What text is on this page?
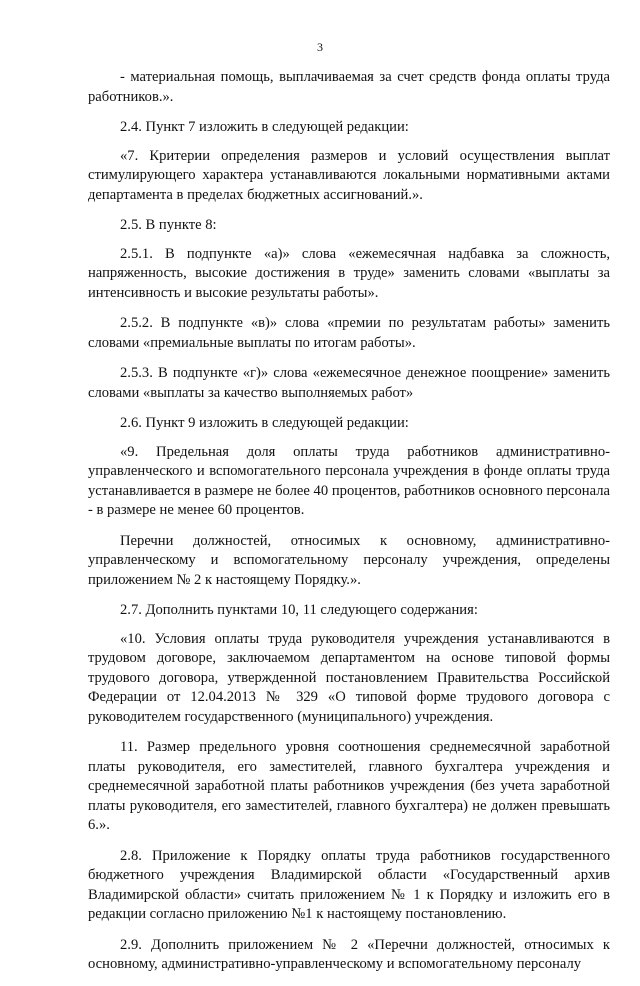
3

- материальная помощь, выплачиваемая за счет средств фонда оплаты труда работников.».

2.4. Пункт 7 изложить в следующей редакции:

«7. Критерии определения размеров и условий осуществления выплат стимулирующего характера устанавливаются локальными нормативными актами департамента в пределах бюджетных ассигнований.».

2.5. В пункте 8:

2.5.1. В подпункте «а)» слова «ежемесячная надбавка за сложность, напряженность, высокие достижения в труде» заменить словами «выплаты за интенсивность и высокие результаты работы».

2.5.2. В подпункте «в)» слова «премии по результатам работы» заменить словами «премиальные выплаты по итогам работы».

2.5.3. В подпункте «г)» слова «ежемесячное денежное поощрение» заменить словами «выплаты за качество выполняемых работ»

2.6. Пункт 9 изложить в следующей редакции:

«9. Предельная доля оплаты труда работников административно-управленческого и вспомогательного персонала учреждения в фонде оплаты труда устанавливается в размере не более 40 процентов, работников основного персонала - в размере не менее 60 процентов.

Перечни должностей, относимых к основному, административно-управленческому и вспомогательному персоналу учреждения, определены приложением № 2 к настоящему Порядку.».

2.7. Дополнить пунктами 10, 11 следующего содержания:

«10. Условия оплаты труда руководителя учреждения устанавливаются в трудовом договоре, заключаемом департаментом на основе типовой формы трудового договора, утвержденной постановлением Правительства Российской Федерации от 12.04.2013 № 329 «О типовой форме трудового договора с руководителем государственного (муниципального) учреждения.

11. Размер предельного уровня соотношения среднемесячной заработной платы руководителя, его заместителей, главного бухгалтера учреждения и среднемесячной заработной платы работников учреждения (без учета заработной платы руководителя, его заместителей, главного бухгалтера) не должен превышать 6.».

2.8. Приложение к Порядку оплаты труда работников государственного бюджетного учреждения Владимирской области «Государственный архив Владимирской области» считать приложением № 1 к Порядку и изложить его в редакции согласно приложению №1 к настоящему постановлению.

2.9. Дополнить приложением № 2 «Перечни должностей, относимых к основному, административно-управленческому и вспомогательному персоналу
